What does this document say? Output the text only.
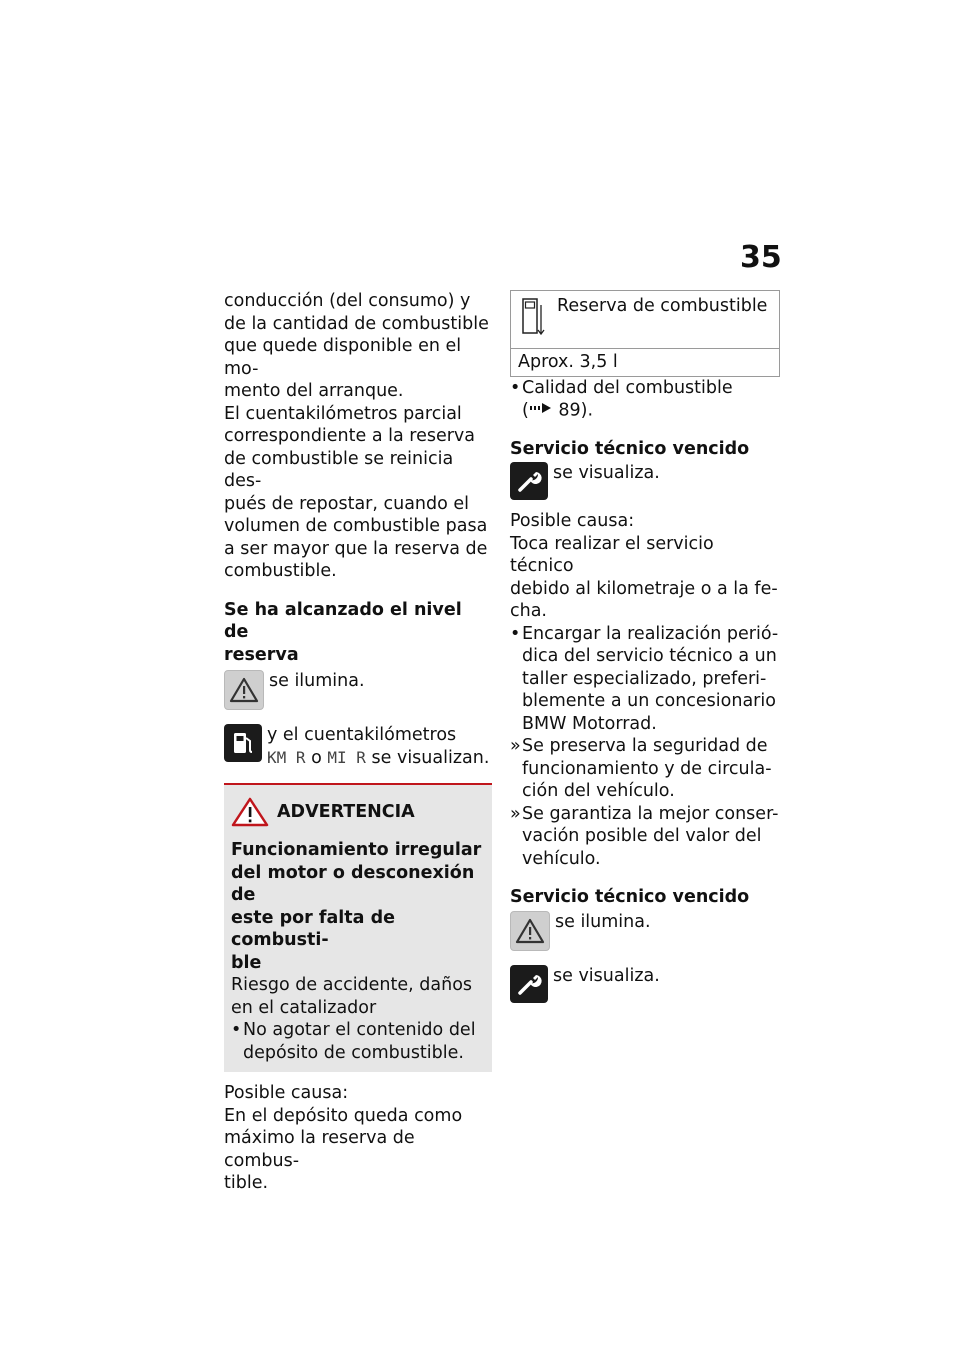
35

conducción (del consumo) y

de la cantidad de combustible

que quede disponible en el mo-

mento del arranque.

El cuentakilómetros parcial

correspondiente a la reserva

de combustible se reinicia des-

pués de repostar, cuando el

volumen de combustible pasa

a ser mayor que la reserva de

combustible.

Se ha alcanzado el nivel de

reserva

se ilumina.
y el cuentakilómetros
KM R o MI R se visualizan.
ADVERTENCIA

Funcionamiento irregular

del motor o desconexión de

este por falta de combusti-

ble

Riesgo de accidente, daños

en el catalizador

• No agotar el contenido del
depósito de combustible.

Posible causa:

En el depósito queda como

máximo la reserva de combus-

tible.

Reserva de combustible
Aprox. 3,5 l
• Calidad del combustible
( 89).

Servicio técnico vencido

se visualiza.

Posible causa:

Toca realizar el servicio técnico

debido al kilometraje o a la fe-

cha.

• Encargar la realización perió-
dica del servicio técnico a un
taller especializado, preferi-
blemente a un concesionario
BMW Motorrad.
» Se preserva la seguridad de
funcionamiento y de circula-
ción del vehículo.
» Se garantiza la mejor conser-
vación posible del valor del
vehículo.

Servicio técnico vencido

se ilumina.
se visualiza.
